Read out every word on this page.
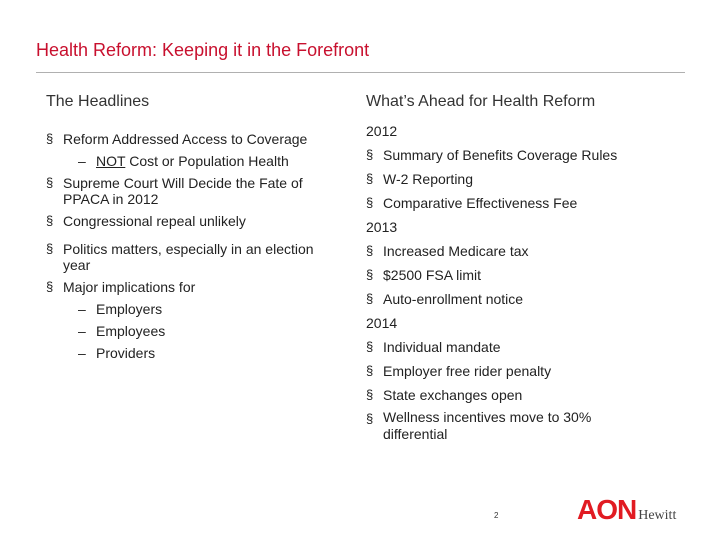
Health Reform: Keeping it in the Forefront
The Headlines
§ Reform Addressed Access to Coverage
– NOT Cost or Population Health
§ Supreme Court Will Decide the Fate of PPACA in 2012
§ Congressional repeal unlikely
§ Politics matters, especially in an election year
§ Major implications for
– Employers
– Employees
– Providers
What’s Ahead for Health Reform
2012
§ Summary of Benefits Coverage Rules
§ W-2 Reporting
§ Comparative Effectiveness Fee
2013
§ Increased Medicare tax
§ $2500 FSA limit
§ Auto-enrollment notice
2014
§ Individual mandate
§ Employer free rider penalty
§ State exchanges open
§ Wellness incentives move to 30%
differential
2	AON Hewitt
